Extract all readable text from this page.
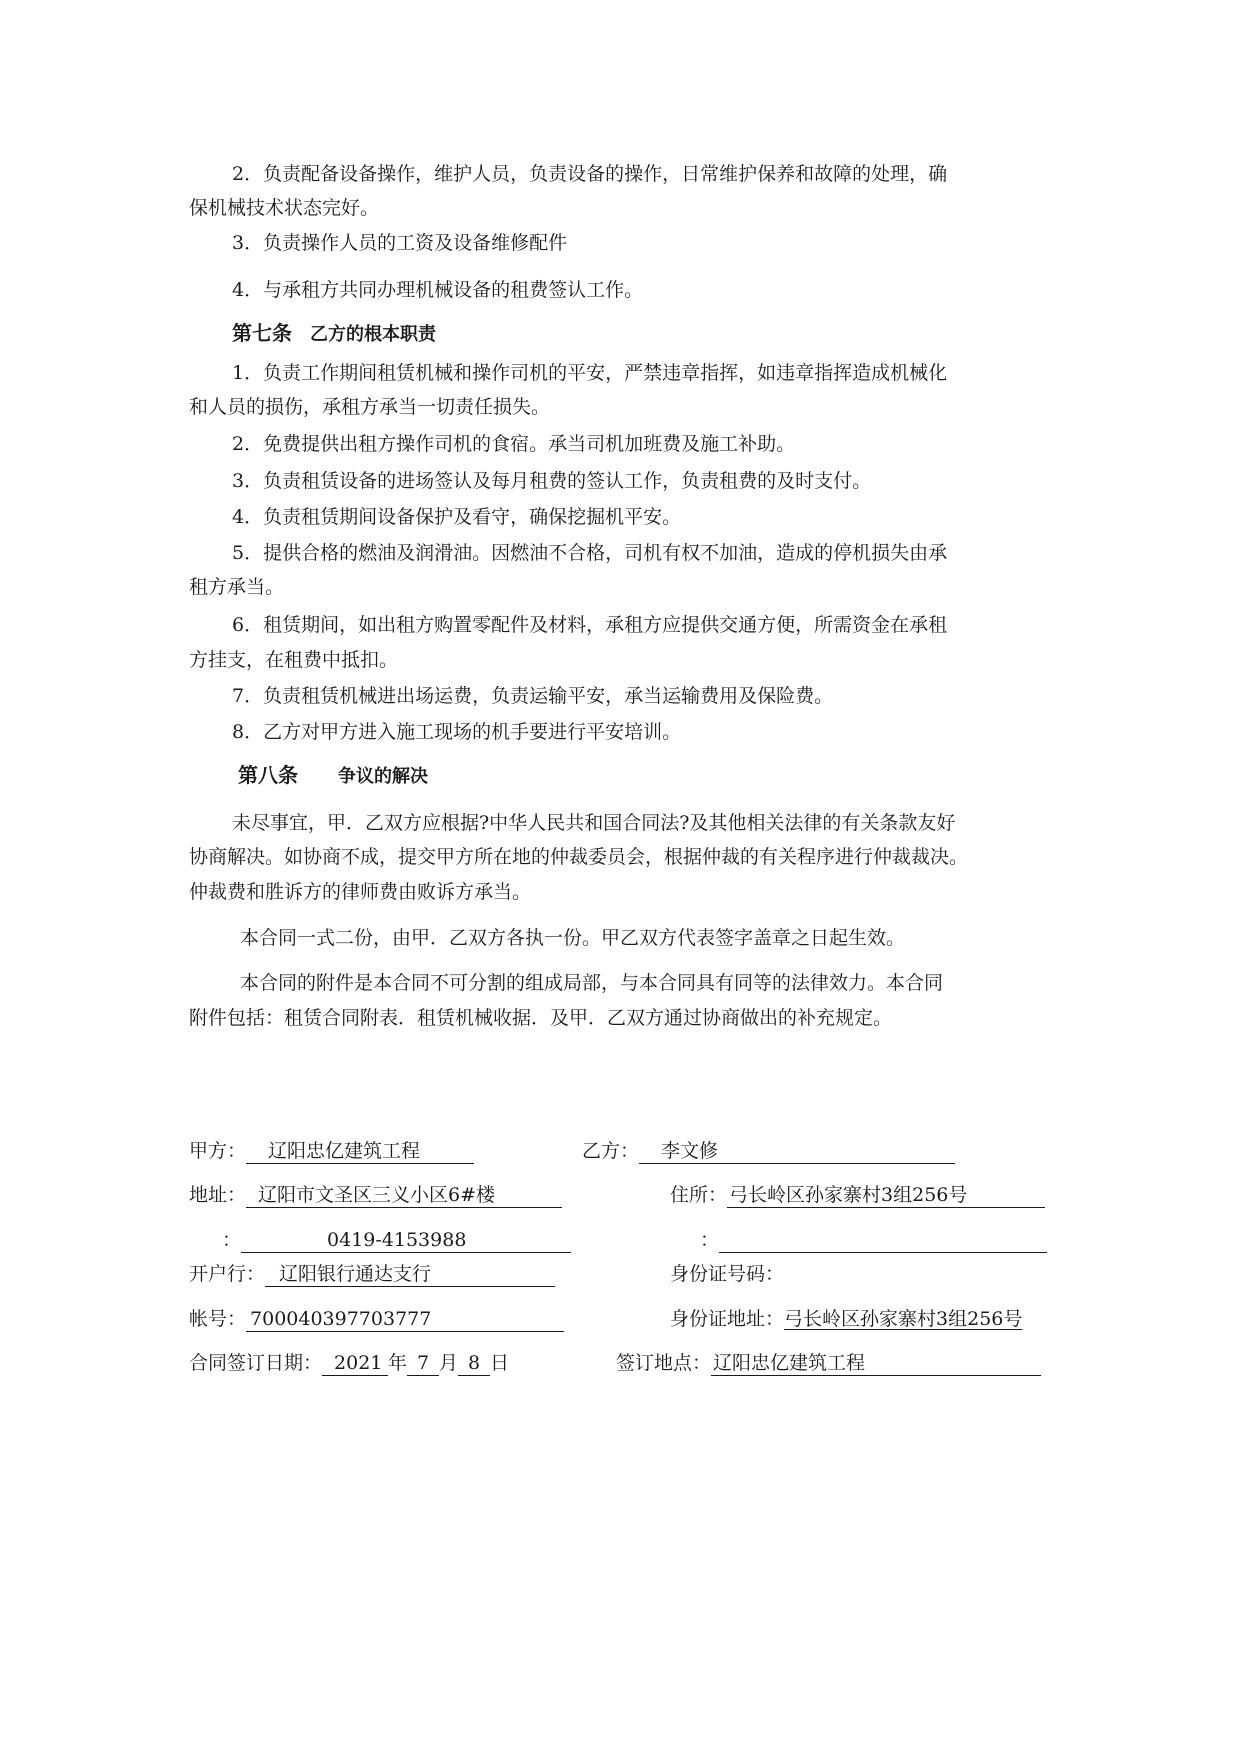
2．负责配备设备操作，维护人员，负责设备的操作，日常维护保养和故障的处理，确
保机械技术状态完好。
3．负责操作人员的工资及设备维修配件
4．与承租方共同办理机械设备的租费签认工作。
第七条 乙方的根本职责
1．负责工作期间租赁机械和操作司机的平安，严禁违章指挥，如违章指挥造成机械化
和人员的损伤，承租方承当一切责任损失。
2．免费提供出租方操作司机的食宿。承当司机加班费及施工补助。
3．负责租赁设备的进场签认及每月租费的签认工作，负责租费的及时支付。
4．负责租赁期间设备保护及看守，确保挖掘机平安。
5．提供合格的燃油及润滑油。因燃油不合格，司机有权不加油，造成的停机损失由承
租方承当。
6．租赁期间，如出租方购置零配件及材料，承租方应提供交通方便，所需资金在承租
方挂支，在租费中抵扣。
7．负责租赁机械进出场运费，负责运输平安，承当运输费用及保险费。
8．乙方对甲方进入施工现场的机手要进行平安培训。
第八条 争议的解决
未尽事宜，甲．乙双方应根据?中华人民共和国合同法?及其他相关法律的有关条款友好
协商解决。如协商不成，提交甲方所在地的仲裁委员会，根据仲裁的有关程序进行仲裁裁决。
仲裁费和胜诉方的律师费由败诉方承当。
本合同一式二份，由甲．乙双方各执一份。甲乙双方代表签字盖章之日起生效。
本合同的附件是本合同不可分割的组成局部，与本合同具有同等的法律效力。本合同
附件包括：租赁合同附表．租赁机械收据．及甲．乙双方通过协商做出的补充规定。
甲方： 辽阳忠亿建筑工程	乙方： 李文修
地址： 辽阳市文圣区三义小区6#楼	住所： 弓长岭区孙家寨村3组256号
：	0419-4153988	：
开户行： 辽阳银行通达支行	身份证号码：
帐号： 700040397703777	身份证地址：弓长岭区孙家寨村3组256号
合同签订日期： 2021 年 7 月 8 日	签订地点： 辽阳忠亿建筑工程
